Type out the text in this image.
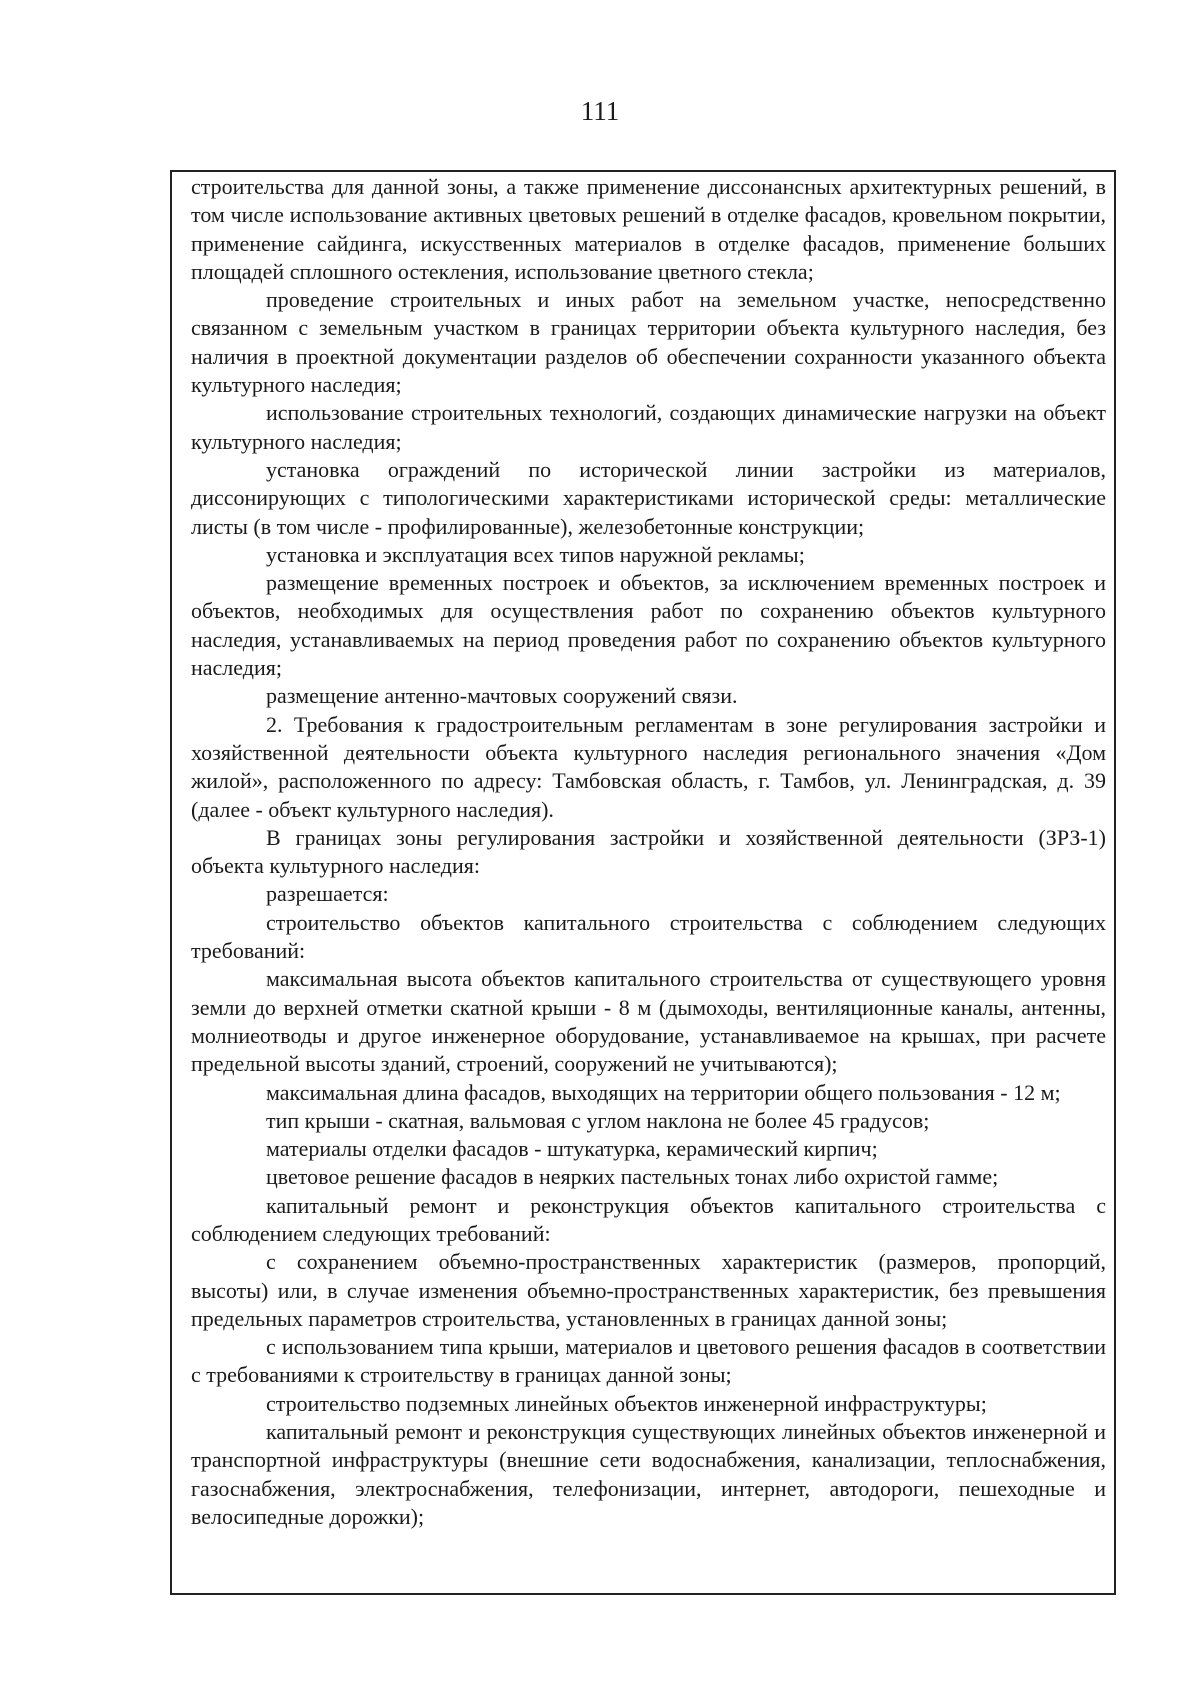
111

строительства для данной зоны, а также применение диссонансных архитектурных решений, в том числе использование активных цветовых решений в отделке фасадов, кровельном покрытии, применение сайдинга, искусственных материалов в отделке фасадов, применение больших площадей сплошного остекления, использование цветного стекла;

проведение строительных и иных работ на земельном участке, непосредственно связанном с земельным участком в границах территории объекта культурного наследия, без наличия в проектной документации разделов об обеспечении сохранности указанного объекта культурного наследия;

использование строительных технологий, создающих динамические нагрузки на объект культурного наследия;

установка ограждений по исторической линии застройки из материалов, диссонирующих с типологическими характеристиками исторической среды: металлические листы (в том числе - профилированные), железобетонные конструкции;

установка и эксплуатация всех типов наружной рекламы;

размещение временных построек и объектов, за исключением временных построек и объектов, необходимых для осуществления работ по сохранению объектов культурного наследия, устанавливаемых на период проведения работ по сохранению объектов культурного наследия;

размещение антенно-мачтовых сооружений связи.

2. Требования к градостроительным регламентам в зоне регулирования застройки и хозяйственной деятельности объекта культурного наследия регионального значения «Дом жилой», расположенного по адресу: Тамбовская область, г. Тамбов, ул. Ленинградская, д. 39 (далее - объект культурного наследия).

В границах зоны регулирования застройки и хозяйственной деятельности (ЗРЗ-1) объекта культурного наследия:

разрешается:

строительство объектов капитального строительства с соблюдением следующих требований:

максимальная высота объектов капитального строительства от существующего уровня земли до верхней отметки скатной крыши - 8 м (дымоходы, вентиляционные каналы, антенны, молниеотводы и другое инженерное оборудование, устанавливаемое на крышах, при расчете предельной высоты зданий, строений, сооружений не учитываются);

максимальная длина фасадов, выходящих на территории общего пользования - 12 м;

тип крыши - скатная, вальмовая с углом наклона не более 45 градусов;

материалы отделки фасадов - штукатурка, керамический кирпич;

цветовое решение фасадов в неярких пастельных тонах либо охристой гамме;

капитальный ремонт и реконструкция объектов капитального строительства с соблюдением следующих требований:

с сохранением объемно-пространственных характеристик (размеров, пропорций, высоты) или, в случае изменения объемно-пространственных характеристик, без превышения предельных параметров строительства, установленных в границах данной зоны;

с использованием типа крыши, материалов и цветового решения фасадов в соответствии с требованиями к строительству в границах данной зоны;

строительство подземных линейных объектов инженерной инфраструктуры;

капитальный ремонт и реконструкция существующих линейных объектов инженерной и транспортной инфраструктуры (внешние сети водоснабжения, канализации, теплоснабжения, газоснабжения, электроснабжения, телефонизации, интернет, автодороги, пешеходные и велосипедные дорожки);
